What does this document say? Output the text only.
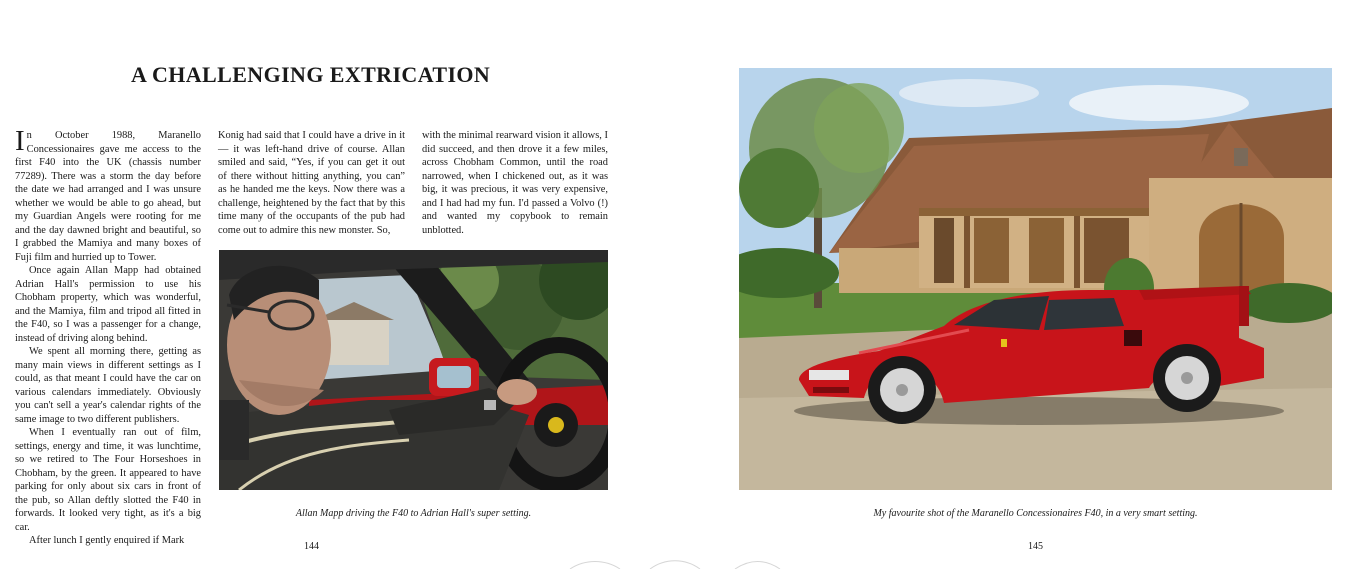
A CHALLENGING EXTRICATION

In October 1988, Maranello Concessionaires gave me access to the first F40 into the UK (chassis number 77289). There was a storm the day before the date we had arranged and I was unsure whether we would be able to go ahead, but my Guardian Angels were rooting for me and the day dawned bright and beautiful, so I grabbed the Mamiya and many boxes of Fuji film and hurried up to Tower.

Once again Allan Mapp had obtained Adrian Hall's permission to use his Chobham property, which was wonderful, and the Mamiya, film and tripod all fitted in the F40, so I was a passenger for a change, instead of driving along behind.

We spent all morning there, getting as many main views in different settings as I could, as that meant I could have the car on various calendars immediately. Obviously you can't sell a year's calendar rights of the same image to two different publishers.

When I eventually ran out of film, settings, energy and time, it was lunchtime, so we retired to The Four Horseshoes in Chobham, by the green. It appeared to have parking for only about six cars in front of the pub, so Allan deftly slotted the F40 in forwards. It looked very tight, as it's a big car.

After lunch I gently enquired if Mark

Konig had said that I could have a drive in it — it was left-hand drive of course. Allan smiled and said, “Yes, if you can get it out of there without hitting anything, you can” as he handed me the keys. Now there was a challenge, heightened by the fact that by this time many of the occupants of the pub had come out to admire this new monster. So,

with the minimal rearward vision it allows, I did succeed, and then drove it a few miles, across Chobham Common, until the road narrowed, when I chickened out, as it was big, it was precious, it was very expensive, and I had had my fun. I'd passed a Volvo (!) and wanted my copybook to remain unblotted.

Allan Mapp driving the F40 to Adrian Hall's super setting.
144
My favourite shot of the Maranello Concessionaires F40, in a very smart setting.
145
